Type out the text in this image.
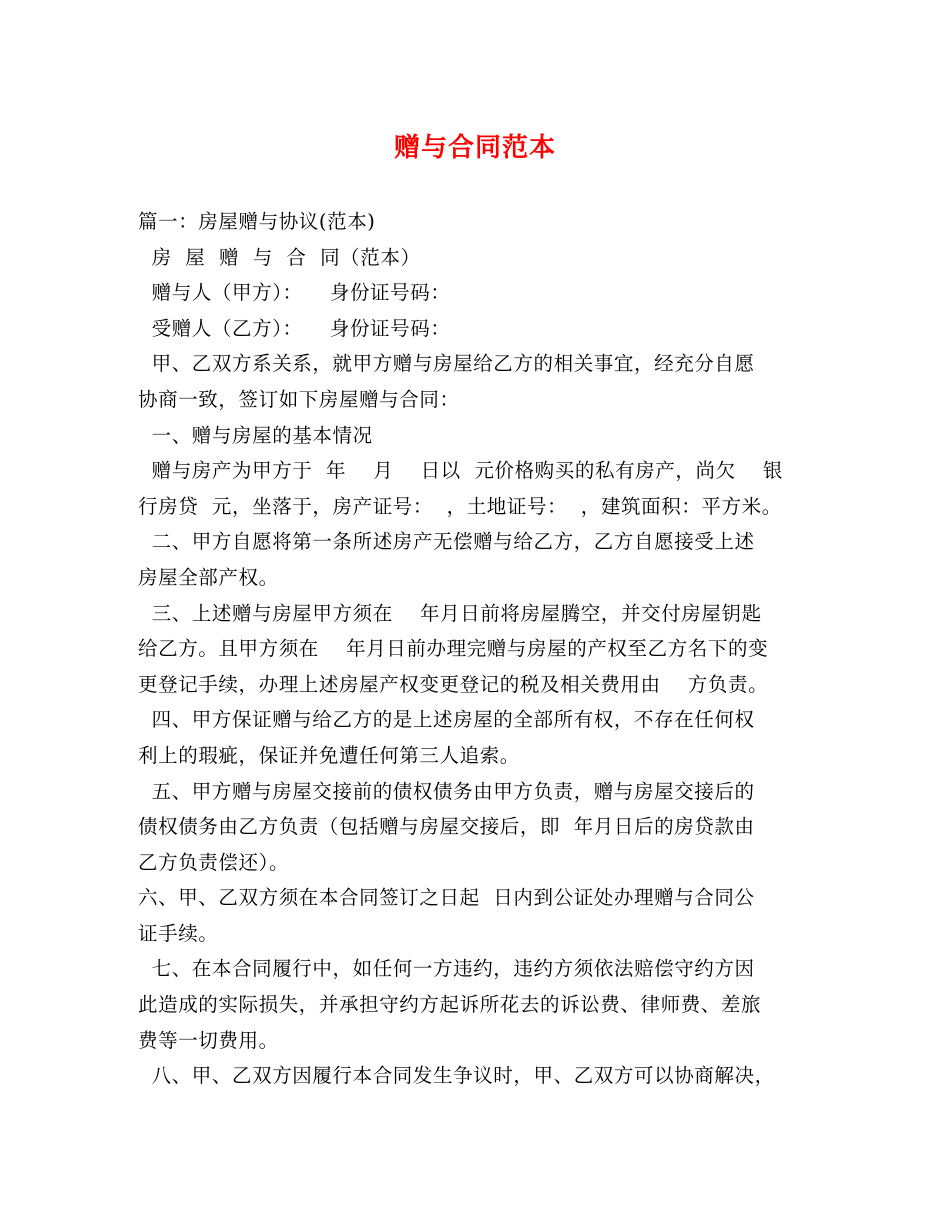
赠与合同范本

篇一：房屋赠与协议(范本)

房  屋  赠  与  合  同（范本）

赠与人（甲方）：    身份证号码：

受赠人（乙方）：    身份证号码：

甲、乙双方系关系，就甲方赠与房屋给乙方的相关事宜，经充分自愿

协商一致，签订如下房屋赠与合同：

一、赠与房屋的基本情况

赠与房产为甲方于  年    月    日以  元价格购买的私有房产，尚欠    银

行房贷  元，坐落于，房产证号：  ，土地证号：  ，建筑面积：平方米。

二、甲方自愿将第一条所述房产无偿赠与给乙方，乙方自愿接受上述

房屋全部产权。

三、上述赠与房屋甲方须在    年月日前将房屋腾空，并交付房屋钥匙

给乙方。且甲方须在    年月日前办理完赠与房屋的产权至乙方名下的变

更登记手续，办理上述房屋产权变更登记的税及相关费用由    方负责。

四、甲方保证赠与给乙方的是上述房屋的全部所有权，不存在任何权

利上的瑕疵，保证并免遭任何第三人追索。

五、甲方赠与房屋交接前的债权债务由甲方负责，赠与房屋交接后的

债权债务由乙方负责（包括赠与房屋交接后，即  年月日后的房贷款由

乙方负责偿还）。

六、甲、乙双方须在本合同签订之日起  日内到公证处办理赠与合同公

证手续。

七、在本合同履行中，如任何一方违约，违约方须依法赔偿守约方因

此造成的实际损失，并承担守约方起诉所花去的诉讼费、律师费、差旅

费等一切费用。

八、甲、乙双方因履行本合同发生争议时，甲、乙双方可以协商解决，
